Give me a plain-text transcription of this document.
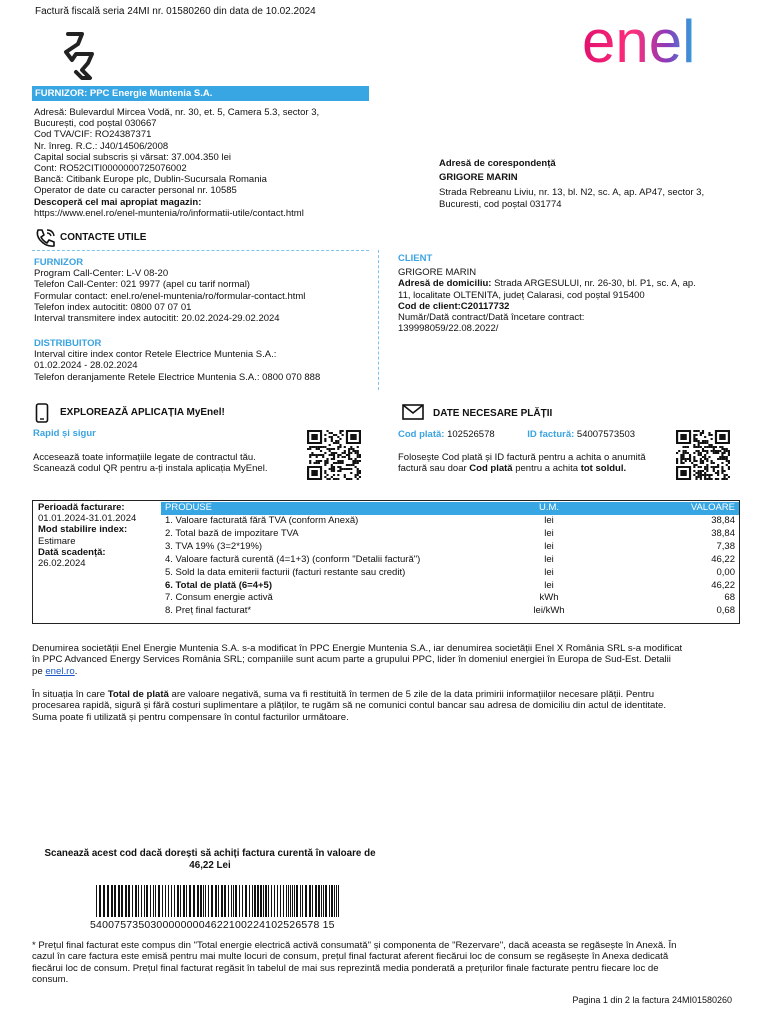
Factură fiscală seria 24MI nr. 01580260 din data de 10.02.2024	enel
FURNIZOR: PPC Energie Muntenia S.A.
Adresă: Bulevardul Mircea Vodă, nr. 30, et. 5, Camera 5.3, sector 3,
București, cod poștal 030667
Cod TVA/CIF: RO24387371
Nr. înreg. R.C.: J40/14506/2008
Capital social subscris și vărsat: 37.004.350 lei
Cont: RO52CITI0000000725076002
Bancă: Citibank Europe plc, Dublin-Sucursala Romania
Operator de date cu caracter personal nr. 10585
Descoperă cel mai apropiat magazin:
https://www.enel.ro/enel-muntenia/ro/informatii-utile/contact.html
Adresă de corespondență
GRIGORE MARIN
Strada Rebreanu Liviu, nr. 13, bl. N2, sc. A, ap. AP47, sector 3,
Bucuresti, cod poștal 031774
CONTACTE UTILE
FURNIZOR
Program Call-Center: L-V 08-20
Telefon Call-Center: 021 9977 (apel cu tarif normal)
Formular contact: enel.ro/enel-muntenia/ro/formular-contact.html
Telefon index autocitit: 0800 07 07 01
Interval transmitere index autocitit: 20.02.2024-29.02.2024
DISTRIBUITOR
Interval citire index contor Retele Electrice Muntenia S.A.:
01.02.2024 - 28.02.2024
Telefon deranjamente Retele Electrice Muntenia S.A.: 0800 070 888
CLIENT
GRIGORE MARIN
Adresă de domiciliu: Strada ARGESULUI, nr. 26-30, bl. P1, sc. A, ap.
11, localitate OLTENITA, județ Calarasi, cod poștal 915400
Cod de client:C20117732
Număr/Dată contract/Dată încetare contract:
139998059/22.08.2022/
EXPLOREAZĂ APLICAȚIA MyEnel!
Rapid și sigur
Accesează toate informațiile legate de contractul tău.
Scanează codul QR pentru a-ți instala aplicația MyEnel.
DATE NECESARE PLĂȚII
Cod plată: 102526578	ID factură: 54007573503
Folosește Cod plată și ID factură pentru a achita o anumită
factură sau doar Cod plată pentru a achita tot soldul.
Perioadă facturare:
01.01.2024-31.01.2024
Mod stabilire index:
Estimare
Dată scadență:
26.02.2024
PRODUSE	U.M.	VALOARE
1. Valoare facturată fără TVA (conform Anexă)	lei	38,84
2. Total bază de impozitare TVA	lei	38,84
3. TVA 19% (3=2*19%)	lei	7,38
4. Valoare factură curentă (4=1+3) (conform "Detalii factură")	lei	46,22
5. Sold la data emiterii facturii (facturi restante sau credit)	lei	0,00
6. Total de plată (6=4+5)	lei	46,22
7. Consum energie activă	kWh	68
8. Preț final facturat*	lei/kWh	0,68
Denumirea societății Enel Energie Muntenia S.A. s-a modificat în PPC Energie Muntenia S.A., iar denumirea societății Enel X România SRL s-a modificat
în PPC Advanced Energy Services România SRL; companiile sunt acum parte a grupului PPC, lider în domeniul energiei în Europa de Sud-Est. Detalii
pe enel.ro.
În situația în care Total de plată are valoare negativă, suma va fi restituită în termen de 5 zile de la data primirii informațiilor necesare plății. Pentru
procesarea rapidă, sigură și fără costuri suplimentare a plăților, te rugăm să ne comunici contul bancar sau adresa de domiciliu din actul de identitate.
Suma poate fi utilizată și pentru compensare în contul facturilor următoare.
Scanează acest cod dacă dorești să achiți factura curentă în valoare de
46,22 Lei
54007573503000000004622100224102526578 15
* Prețul final facturat este compus din "Total energie electrică activă consumată" și componenta de "Rezervare", dacă aceasta se regăsește în Anexă. În
cazul în care factura este emisă pentru mai multe locuri de consum, prețul final facturat aferent fiecărui loc de consum se regăsește în Anexa dedicată
fiecărui loc de consum. Prețul final facturat regăsit în tabelul de mai sus reprezintă media ponderată a prețurilor finale facturate pentru fiecare loc de
consum.
Pagina 1 din 2 la factura 24MI01580260
